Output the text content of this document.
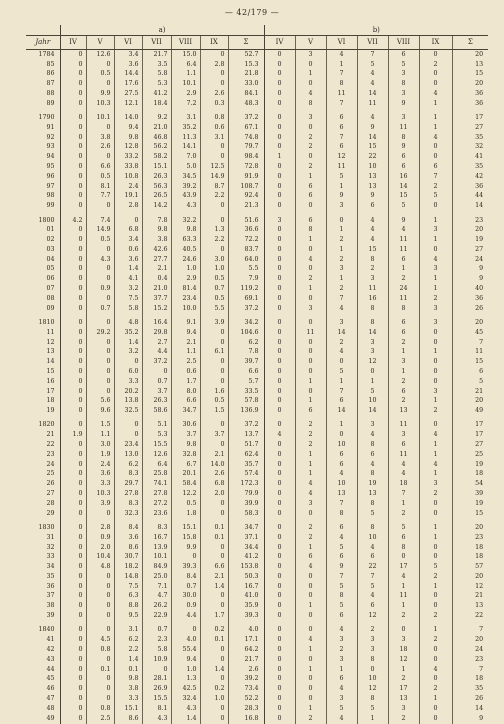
— 42/179 —
	a)							b)						
Jahr	IV	V	VI	VII	VIII	IX	Σ	IV	V	VI	VII	VIII	IX	Σ
1784	0	12.6	3.4	21.7	15.0	0	52.7	0	3	4	7	6	0	20
85	0	0	3.6	3.5	6.4	2.8	15.3	0	0	1	5	5	2	13
86	0	0.5	14.4	5.8	1.1	0	21.8	0	1	7	4	3	0	15
87	0	0	17.6	5.3	10.1	0	33.0	0	0	8	4	8	0	20
88	0	9.9	27.5	41.2	2.9	2.6	84.1	0	4	11	14	3	4	36
89	0	10.3	12.1	18.4	7.2	0.3	48.3	0	8	7	11	9	1	36

1790	0	10.1	14.0	9.2	3.1	0.8	37.2	0	3	6	4	3	1	17
91	0	0	9.4	21.0	35.2	0.6	67.1	0	0	6	9	11	1	27
92	0	3.8	9.8	46.8	11.3	3.1	74.8	0	2	7	14	8	4	35
93	0	2.6	12.8	56.2	14.1	0	79.7	0	2	6	15	9	0	32
94	0	0	33.2	58.2	7.0	0	98.4	1	0	12	22	6	0	41
95	0	6.6	33.8	15.1	5.0	12.5	72.8	0	2	11	10	6	6	35
96	0	0.5	10.8	26.3	34.5	14.9	91.9	0	1	5	13	16	7	42
97	0	8.1	2.4	56.3	39.2	8.7	108.7	0	6	1	13	14	2	36
98	0	7.7	19.1	26.5	43.9	2.2	92.4	0	6	9	9	15	5	44
99	0	0	2.8	14.2	4.3	0	21.3	0	0	3	6	5	0	14

1800	4.2	7.4	0	7.8	32.2	0	51.6	3	6	0	4	9	1	23
01	0	14.9	6.8	9.8	9.8	1.3	36.6	0	8	1	4	4	3	20
02	0	0.5	3.4	3.8	63.3	2.2	72.2	0	1	2	4	11	1	19
03	0	0	0.6	42.6	40.5	0	83.7	0	0	1	15	11	0	27
04	0	4.3	3.6	27.7	24.6	3.0	64.0	0	4	2	8	6	4	24
05	0	0	1.4	2.1	1.0	1.0	5.5	0	0	3	2	1	3	9
06	0	0	4.1	0.4	2.9	0.5	7.9	0	2	1	3	2	1	9
07	0	0.9	3.2	21.0	81.4	0.7	119.2	0	1	2	11	24	1	40
08	0	0	7.5	37.7	23.4	0.5	69.1	0	0	7	16	11	2	36
09	0	0.7	5.8	15.2	10.0	5.5	37.2	0	3	4	8	8	3	26

1810	0	0	4.8	16.4	9.1	3.9	34.2	0	0	3	8	6	3	20
11	0	29.2	35.2	29.8	9.4	0	104.6	0	11	14	14	6	0	45
12	0	0	1.4	2.7	2.1	0	6.2	0	0	2	3	2	0	7
13	0	0	3.2	4.4	1.1	6.1	7.8	0	0	4	3	1	1	11
14	0	0	0	37.2	2.5	0	39.7	0	0	0	12	3	0	15
15	0	0	6.0	0	0.6	0	6.6	0	0	5	0	1	0	6
16	0	0	3.3	0.7	1.7	0	5.7	0	1	1	1	2	0	5
17	0	0	20.2	3.7	8.0	1.6	33.5	0	0	7	5	6	3	21
18	0	5.6	13.8	26.3	6.6	0.5	57.8	0	1	6	10	2	1	20
19	0	9.6	32.5	58.6	34.7	1.5	136.9	0	6	14	14	13	2	49

1820	0	1.5	0	5.1	30.6	0	37.2	0	2	1	3	11	0	17
21	1.9	1.1	0	5.3	3.7	3.7	13.7	4	2	0	4	3	4	17
22	0	3.0	23.4	15.5	9.8	0	51.7	0	2	10	8	6	1	27
23	0	1.9	13.0	12.6	32.8	2.1	62.4	0	1	6	6	11	1	25
24	0	2.4	6.2	6.4	6.7	14.0	35.7	0	1	6	4	4	4	19
25	0	3.6	8.3	25.8	20.1	2.6	57.4	0	1	4	8	4	1	18
26	0	3.3	29.7	74.1	58.4	6.8	172.3	0	4	10	19	18	3	54
27	0	10.3	27.8	27.8	12.2	2.0	79.9	0	4	13	13	7	2	39
28	0	3.9	8.3	27.2	0.5	0	39.9	0	3	7	8	1	0	19
29	0	0	32.3	23.6	1.8	0	58.3	0	0	8	5	2	0	15

1830	0	2.8	8.4	8.3	15.1	0.1	34.7	0	2	6	8	5	1	20
31	0	0.9	3.6	16.7	15.8	0.1	37.1	0	2	4	10	6	1	23
32	0	2.0	8.6	13.9	9.9	0	34.4	0	1	5	4	8	0	18
33	0	10.4	30.7	10.1	0	0	41.2	0	6	6	6	0	0	18
34	0	4.8	18.2	84.9	39.3	6.6	153.8	0	4	9	22	17	5	57
35	0	0	14.8	25.0	8.4	2.1	50.3	0	0	7	7	4	2	20
36	0	0	7.5	7.1	0.7	1.4	16.7	0	0	5	5	1	1	12
37	0	0	6.3	4.7	30.0	0	41.0	0	0	8	4	11	0	21
38	0	0	8.8	26.2	0.9	0	35.9	0	1	5	6	1	0	13
39	0	0	9.5	22.9	4.4	1.7	39.3	0	0	6	12	2	2	22

1840	0	0	3.1	0.7	0	0.2	4.0	0	0	4	2	0	1	7
41	0	4.5	6.2	2.3	4.0	0.1	17.1	0	4	3	3	3	2	20
42	0	0.8	2.2	5.8	55.4	0	64.2	0	1	2	3	18	0	24
43	0	0	1.4	10.9	9.4	0	21.7	0	0	3	8	12	0	23
44	0	0.1	0.1	0	1.0	1.4	2.6	0	1	1	0	1	4	7
45	0	0	9.8	28.1	1.3	0	39.2	0	0	6	10	2	0	18
46	0	0	3.8	26.9	42.5	0.2	73.4	0	0	4	12	17	2	35
47	0	0	3.3	15.5	32.4	1.0	52.2	0	0	3	8	13	1	26
48	0	0.8	15.1	8.1	4.3	0	28.3	0	1	5	5	3	0	14
49	0	2.5	8.6	4.3	1.4	0	16.8	0	2	4	1	2	0	9
